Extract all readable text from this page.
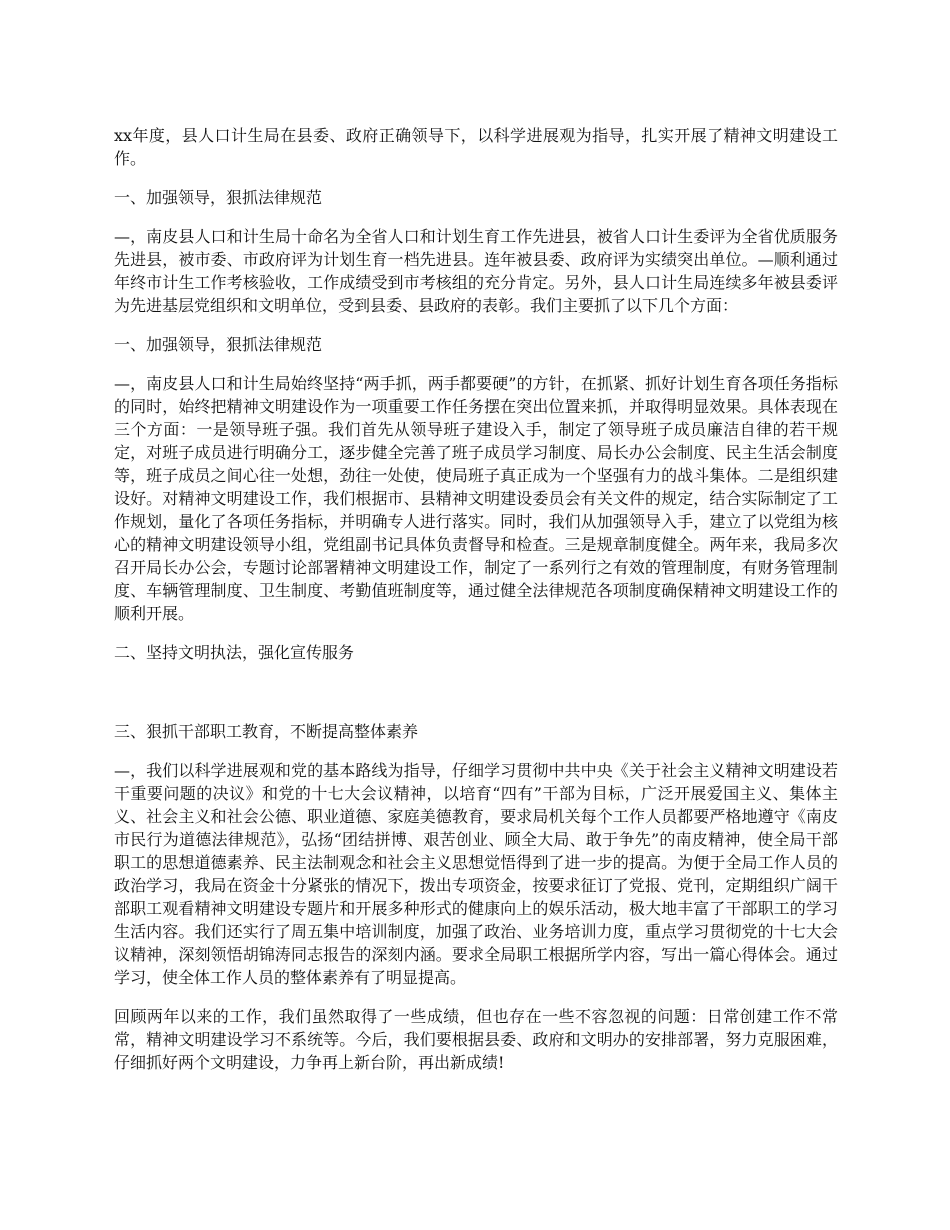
xx年度，县人口计生局在县委、政府正确领导下，以科学进展观为指导，扎实开展了精神文明建设工作。

一、加强领导，狠抓法律规范

—，南皮县人口和计生局十命名为全省人口和计划生育工作先进县，被省人口计生委评为全省优质服务先进县，被市委、市政府评为计划生育一档先进县。连年被县委、政府评为实绩突出单位。—顺利通过年终市计生工作考核验收，工作成绩受到市考核组的充分肯定。另外，县人口计生局连续多年被县委评为先进基层党组织和文明单位，受到县委、县政府的表彰。我们主要抓了以下几个方面：

一、加强领导，狠抓法律规范

—，南皮县人口和计生局始终坚持“两手抓，两手都要硬”的方针，在抓紧、抓好计划生育各项任务指标的同时，始终把精神文明建设作为一项重要工作任务摆在突出位置来抓，并取得明显效果。具体表现在三个方面：一是领导班子强。我们首先从领导班子建设入手，制定了领导班子成员廉洁自律的若干规定，对班子成员进行明确分工，逐步健全完善了班子成员学习制度、局长办公会制度、民主生活会制度等，班子成员之间心往一处想，劲往一处使，使局班子真正成为一个坚强有力的战斗集体。二是组织建设好。对精神文明建设工作，我们根据市、县精神文明建设委员会有关文件的规定，结合实际制定了工作规划，量化了各项任务指标，并明确专人进行落实。同时，我们从加强领导入手，建立了以党组为核心的精神文明建设领导小组，党组副书记具体负责督导和检查。三是规章制度健全。两年来，我局多次召开局长办公会，专题讨论部署精神文明建设工作，制定了一系列行之有效的管理制度，有财务管理制度、车辆管理制度、卫生制度、考勤值班制度等，通过健全法律规范各项制度确保精神文明建设工作的顺利开展。

二、坚持文明执法，强化宣传服务

三、狠抓干部职工教育，不断提高整体素养

—，我们以科学进展观和党的基本路线为指导，仔细学习贯彻中共中央《关于社会主义精神文明建设若干重要问题的决议》和党的十七大会议精神，以培育“四有”干部为目标，广泛开展爱国主义、集体主义、社会主义和社会公德、职业道德、家庭美德教育，要求局机关每个工作人员都要严格地遵守《南皮市民行为道德法律规范》，弘扬“团结拼博、艰苦创业、顾全大局、敢于争先”的南皮精神，使全局干部职工的思想道德素养、民主法制观念和社会主义思想觉悟得到了进一步的提高。为便于全局工作人员的政治学习，我局在资金十分紧张的情况下，拨出专项资金，按要求征订了党报、党刊，定期组织广阔干部职工观看精神文明建设专题片和开展多种形式的健康向上的娱乐活动，极大地丰富了干部职工的学习生活内容。我们还实行了周五集中培训制度，加强了政治、业务培训力度，重点学习贯彻党的十七大会议精神，深刻领悟胡锦涛同志报告的深刻内涵。要求全局职工根据所学内容，写出一篇心得体会。通过学习，使全体工作人员的整体素养有了明显提高。

回顾两年以来的工作，我们虽然取得了一些成绩，但也存在一些不容忽视的问题：日常创建工作不常常，精神文明建设学习不系统等。今后，我们要根据县委、政府和文明办的安排部署，努力克服困难，仔细抓好两个文明建设，力争再上新台阶，再出新成绩!
